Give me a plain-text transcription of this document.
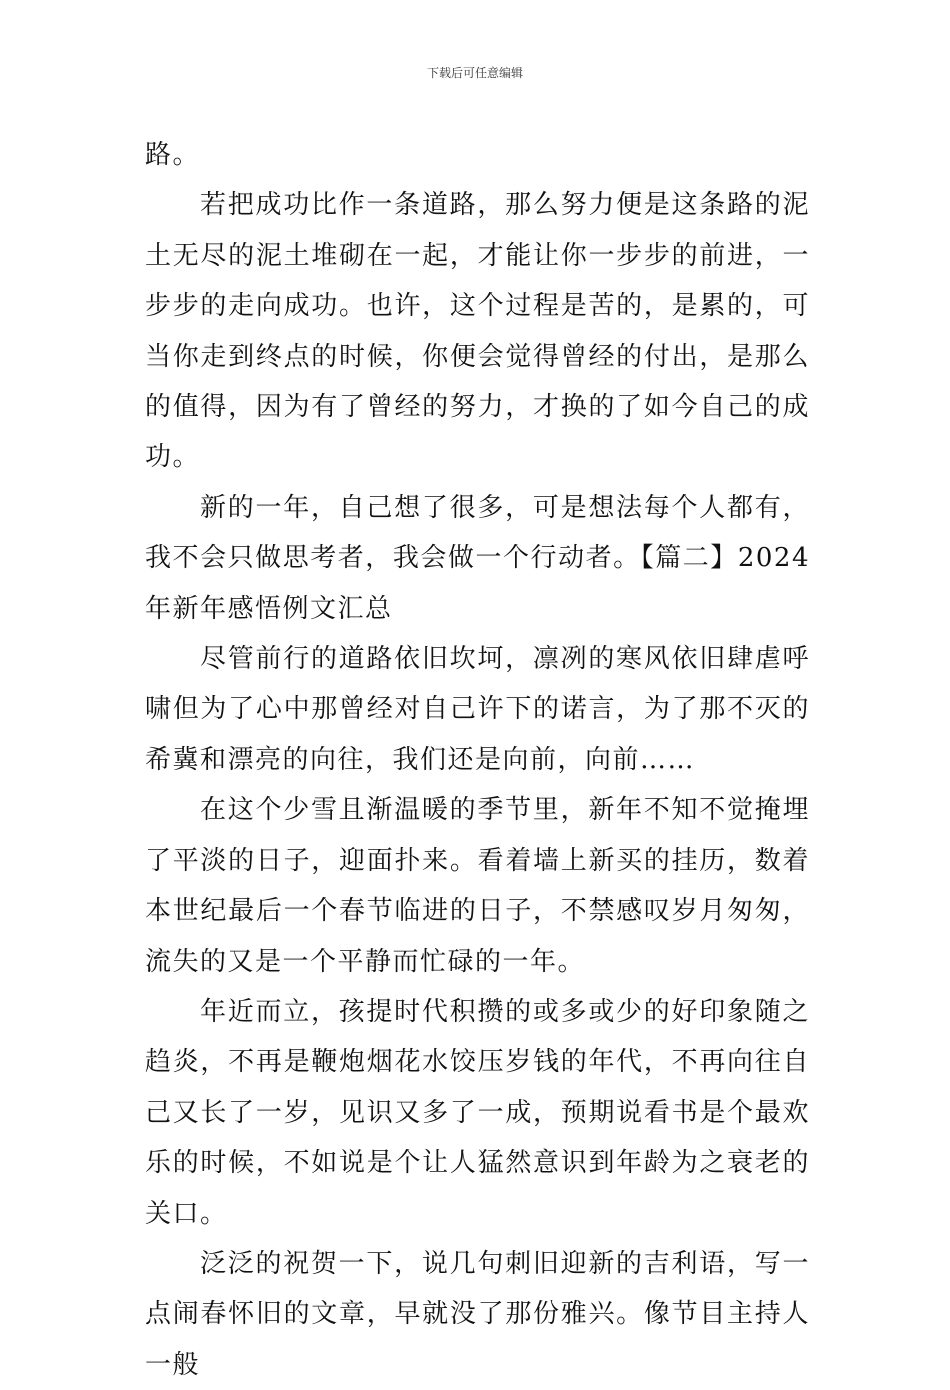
下载后可任意编辑

路。

若把成功比作一条道路，那么努力便是这条路的泥土无尽的泥土堆砌在一起，才能让你一步步的前进，一步步的走向成功。也许，这个过程是苦的，是累的，可当你走到终点的时候，你便会觉得曾经的付出，是那么的值得，因为有了曾经的努力，才换的了如今自己的成功。

新的一年，自己想了很多，可是想法每个人都有，我不会只做思考者，我会做一个行动者。【篇二】2024年新年感悟例文汇总

尽管前行的道路依旧坎坷，凛冽的寒风依旧肆虐呼啸但为了心中那曾经对自己许下的诺言，为了那不灭的希冀和漂亮的向往，我们还是向前，向前……

在这个少雪且渐温暖的季节里，新年不知不觉掩埋了平淡的日子，迎面扑来。看着墙上新买的挂历，数着本世纪最后一个春节临进的日子，不禁感叹岁月匆匆，流失的又是一个平静而忙碌的一年。

年近而立，孩提时代积攒的或多或少的好印象随之趋炎，不再是鞭炮烟花水饺压岁钱的年代，不再向往自己又长了一岁，见识又多了一成，预期说看书是个最欢乐的时候，不如说是个让人猛然意识到年龄为之衰老的关口。

泛泛的祝贺一下，说几句刺旧迎新的吉利语，写一点闹春怀旧的文章，早就没了那份雅兴。像节目主持人一般
